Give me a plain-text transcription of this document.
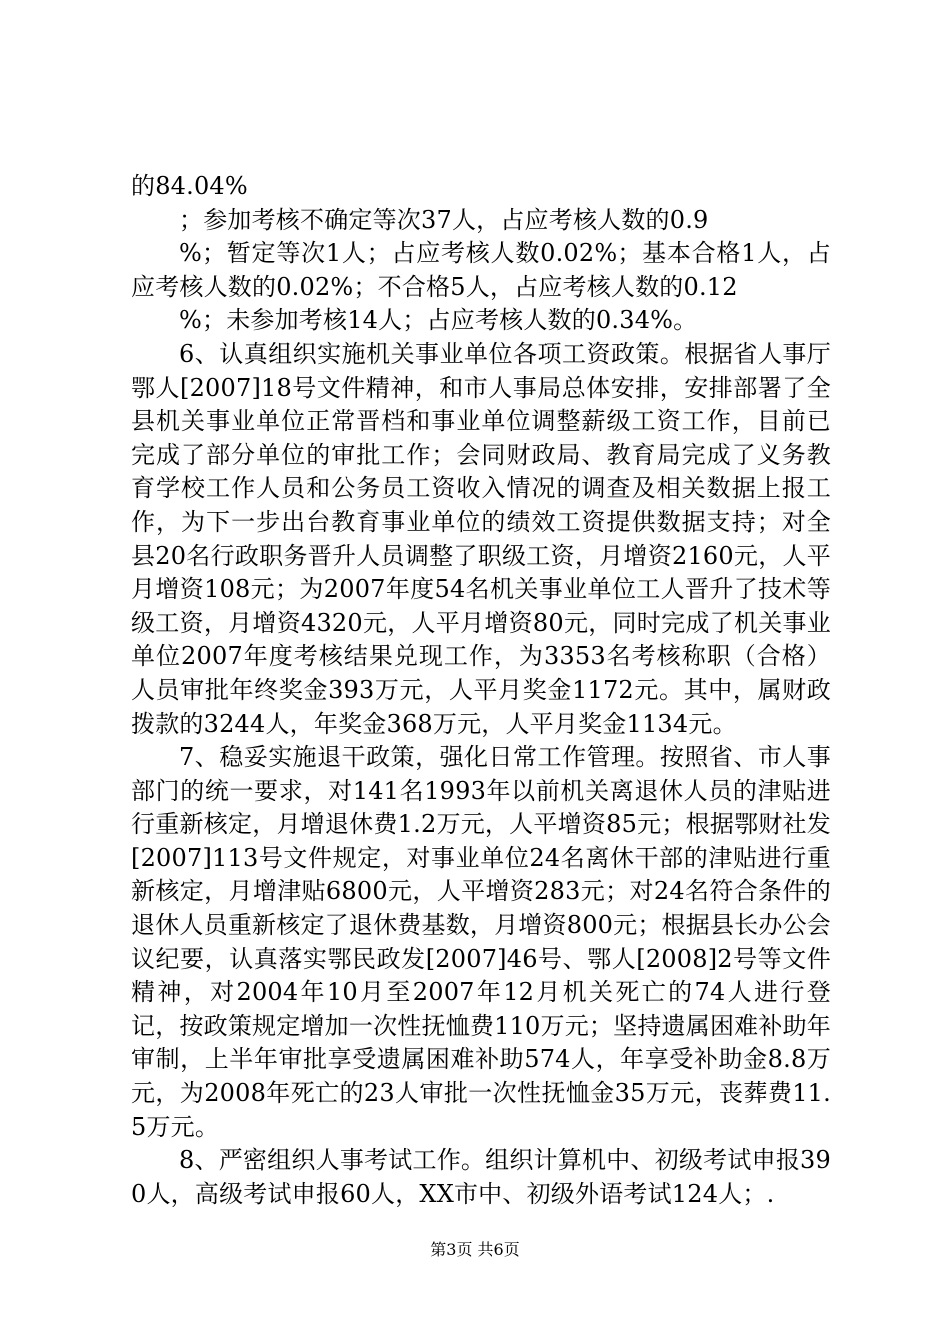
的84.04%

；参加考核不确定等次37人，占应考核人数的0.9

%；暂定等次1人；占应考核人数0.02%；基本合格1人，占应考核人数的0.02%；不合格5人，占应考核人数的0.12

%；未参加考核14人；占应考核人数的0.34%。

6、认真组织实施机关事业单位各项工资政策。根据省人事厅鄂人[2007]18号文件精神，和市人事局总体安排，安排部署了全县机关事业单位正常晋档和事业单位调整薪级工资工作，目前已完成了部分单位的审批工作；会同财政局、教育局完成了义务教育学校工作人员和公务员工资收入情况的调查及相关数据上报工作，为下一步出台教育事业单位的绩效工资提供数据支持；对全县20名行政职务晋升人员调整了职级工资，月增资2160元，人平月增资108元；为2007年度54名机关事业单位工人晋升了技术等级工资，月增资4320元，人平月增资80元，同时完成了机关事业单位2007年度考核结果兑现工作，为3353名考核称职（合格）人员审批年终奖金393万元，人平月奖金1172元。其中，属财政拨款的3244人，年奖金368万元，人平月奖金1134元。

7、稳妥实施退干政策，强化日常工作管理。按照省、市人事部门的统一要求，对141名1993年以前机关离退休人员的津贴进行重新核定，月增退休费1.2万元，人平增资85元；根据鄂财社发[2007]113号文件规定，对事业单位24名离休干部的津贴进行重新核定，月增津贴6800元，人平增资283元；对24名符合条件的退休人员重新核定了退休费基数，月增资800元；根据县长办公会议纪要，认真落实鄂民政发[2007]46号、鄂人[2008]2号等文件精神，对2004年10月至2007年12月机关死亡的74人进行登记，按政策规定增加一次性抚恤费110万元；坚持遗属困难补助年审制，上半年审批享受遗属困难补助574人，年享受补助金8.8万元，为2008年死亡的23人审批一次性抚恤金35万元，丧葬费11.5万元。

8、严密组织人事考试工作。组织计算机中、初级考试申报390人，高级考试申报60人，XX市中、初级外语考试124人；.

第3页 共6页
